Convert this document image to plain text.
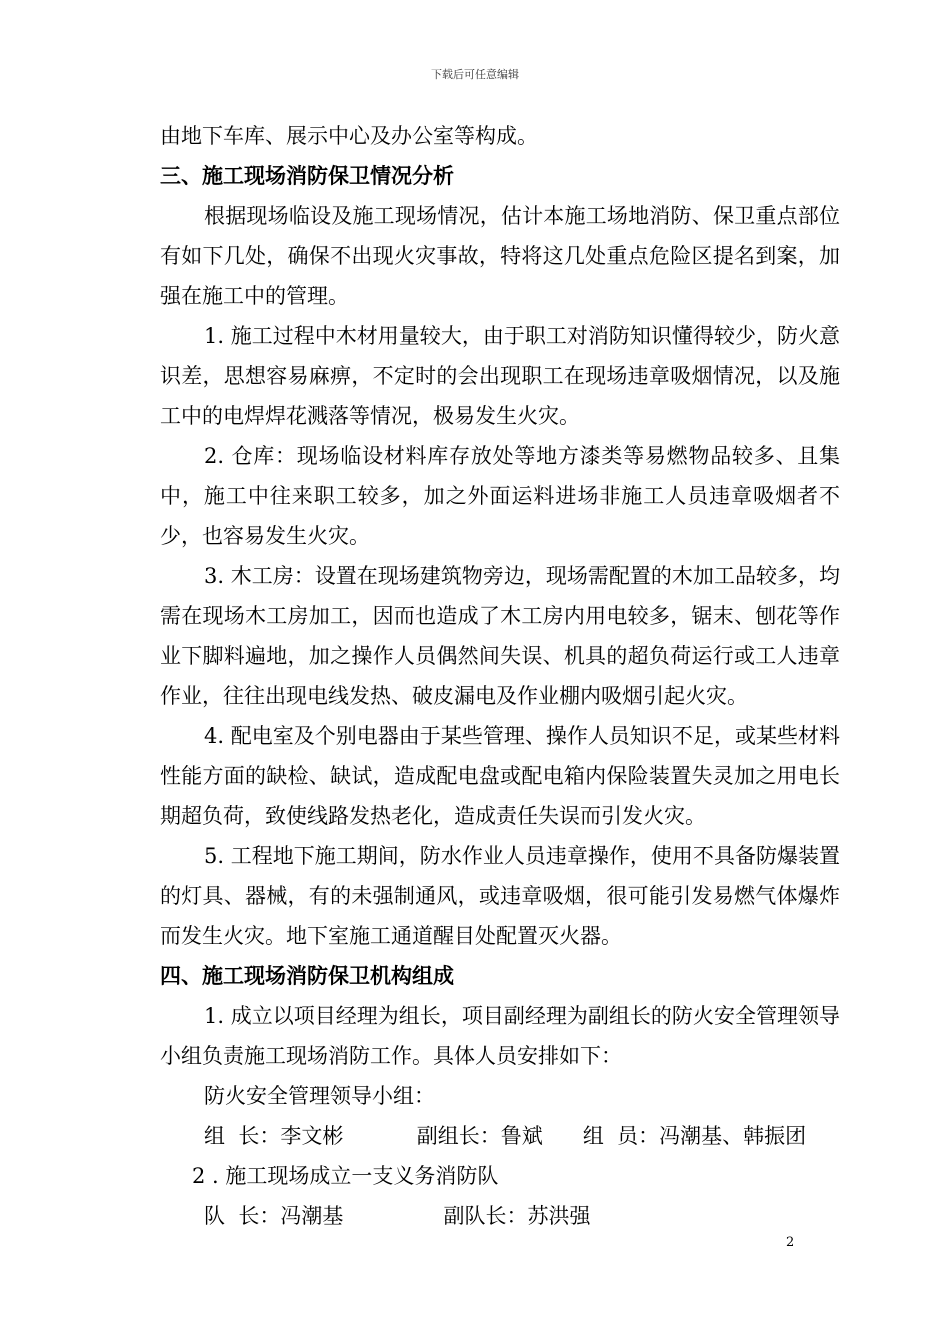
下载后可任意编辑

由地下车库、展示中心及办公室等构成。

三、施工现场消防保卫情况分析

根据现场临设及施工现场情况，估计本施工场地消防、保卫重点部位有如下几处，确保不出现火灾事故，特将这几处重点危险区提名到案，加强在施工中的管理。

1. 施工过程中木材用量较大，由于职工对消防知识懂得较少，防火意识差，思想容易麻痹，不定时的会出现职工在现场违章吸烟情况，以及施工中的电焊焊花溅落等情况，极易发生火灾。

2. 仓库：现场临设材料库存放处等地方漆类等易燃物品较多、且集中，施工中往来职工较多，加之外面运料进场非施工人员违章吸烟者不少，也容易发生火灾。

3. 木工房：设置在现场建筑物旁边，现场需配置的木加工品较多，均需在现场木工房加工，因而也造成了木工房内用电较多，锯末、刨花等作业下脚料遍地，加之操作人员偶然间失误、机具的超负荷运行或工人违章作业，往往出现电线发热、破皮漏电及作业棚内吸烟引起火灾。

4. 配电室及个别电器由于某些管理、操作人员知识不足，或某些材料性能方面的缺检、缺试，造成配电盘或配电箱内保险装置失灵加之用电长期超负荷，致使线路发热老化，造成责任失误而引发火灾。

5. 工程地下施工期间，防水作业人员违章操作，使用不具备防爆装置的灯具、器械，有的未强制通风，或违章吸烟，很可能引发易燃气体爆炸而发生火灾。地下室施工通道醒目处配置灭火器。

四、施工现场消防保卫机构组成

1. 成立以项目经理为组长，项目副经理为副组长的防火安全管理领导小组负责施工现场消防工作。具体人员安排如下：

防火安全管理领导小组：

组  长：李文彬           副组长：鲁斌      组  员：冯潮基、韩振团

2 . 施工现场成立一支义务消防队

队  长：冯潮基               副队长：苏洪强

2
